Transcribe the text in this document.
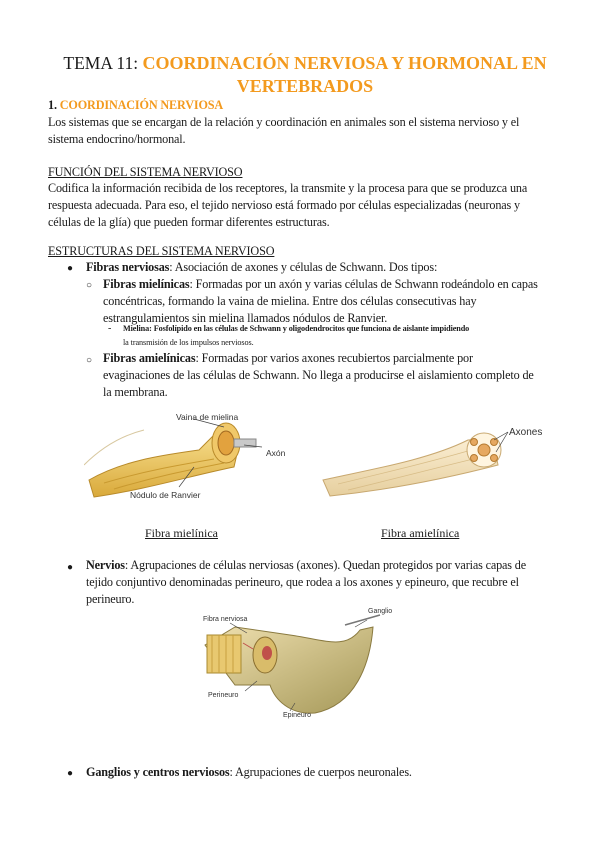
TEMA 11: COORDINACIÓN NERVIOSA Y HORMONAL EN
VERTEBRADOS
1. COORDINACIÓN NERVIOSA
Los sistemas que se encargan de la relación y coordinación en animales son el sistema nervioso y el
sistema endocrino/hormonal.
FUNCIÓN DEL SISTEMA NERVIOSO
Codifica la información recibida de los receptores, la transmite y la procesa para que se produzca una
respuesta adecuada. Para eso, el tejido nervioso está formado por células especializadas (neuronas y
células de la glía) que pueden formar diferentes estructuras.
ESTRUCTURAS DEL SISTEMA NERVIOSO
● Fibras nerviosas: Asociación de axones y células de Schwann. Dos tipos:
○ Fibras mielínicas: Formadas por un axón y varias células de Schwann rodeándolo en capas
concéntricas, formando la vaina de mielina. Entre dos células consecutivas hay
estrangulamientos sin mielina llamados nódulos de Ranvier.
- Mielina: Fosfolípido en las células de Schwann y oligodendrocitos que funciona de aislante impidiendo
la transmisión de los impulsos nerviosos.
○ Fibras amielínicas: Formadas por varios axones recubiertos parcialmente por
evaginaciones de las células de Schwann. No llega a producirse el aislamiento completo de
la membrana.
Vaina de mielina
Axón
Nódulo de Ranvier
Axones
Fibra mielínica	Fibra amielínica
● Nervios: Agrupaciones de células nerviosas (axones). Quedan protegidos por varias capas de
tejido conjuntivo denominadas perineuro, que rodea a los axones y epineuro, que recubre el
perineuro.
Fibra nerviosa
Ganglio
Perineuro
Epineuro
● Ganglios y centros nerviosos: Agrupaciones de cuerpos neuronales.
